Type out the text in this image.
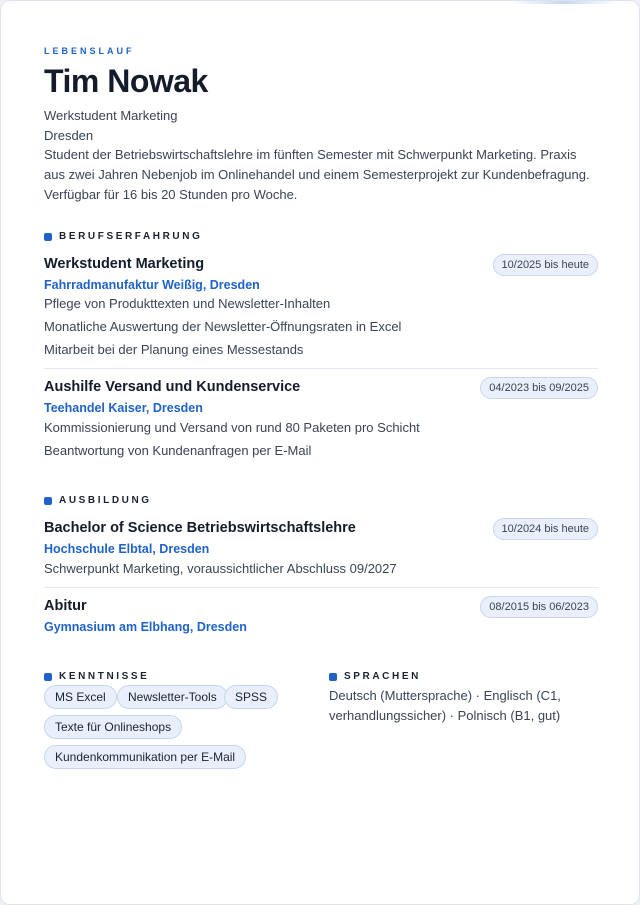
LEBENSLAUF
Tim Nowak
Werkstudent Marketing
Dresden
Student der Betriebswirtschaftslehre im fünften Semester mit Schwerpunkt Marketing. Praxis aus zwei Jahren Nebenjob im Onlinehandel und einem Semesterprojekt zur Kundenbefragung. Verfügbar für 16 bis 20 Stunden pro Woche.
BERUFSERFAHRUNG
Werkstudent Marketing
Fahrradmanufaktur Weißig, Dresden
10/2025 bis heute
Pflege von Produkttexten und Newsletter-Inhalten
Monatliche Auswertung der Newsletter-Öffnungsraten in Excel
Mitarbeit bei der Planung eines Messestands
Aushilfe Versand und Kundenservice
Teehandel Kaiser, Dresden
04/2023 bis 09/2025
Kommissionierung und Versand von rund 80 Paketen pro Schicht
Beantwortung von Kundenanfragen per E-Mail
AUSBILDUNG
Bachelor of Science Betriebswirtschaftslehre
Hochschule Elbtal, Dresden
10/2024 bis heute
Schwerpunkt Marketing, voraussichtlicher Abschluss 09/2027
Abitur
Gymnasium am Elbhang, Dresden
08/2015 bis 06/2023
KENNTNISSE
MS Excel	Newsletter-Tools	SPSS
Texte für Onlineshops
Kundenkommunikation per E-Mail
SPRACHEN
Deutsch (Muttersprache) · Englisch (C1, verhandlungssicher) · Polnisch (B1, gut)
